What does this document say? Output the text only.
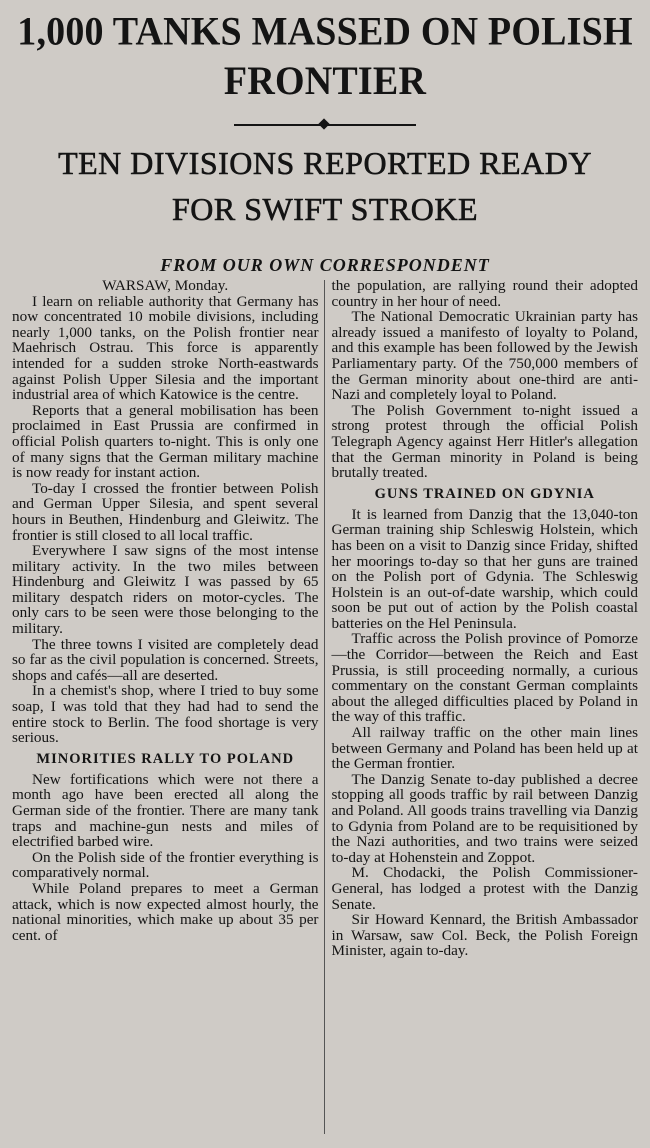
1,000 TANKS MASSED ON POLISH
FRONTIER
TEN DIVISIONS REPORTED READY
FOR SWIFT STROKE
FROM OUR OWN CORRESPONDENT

WARSAW, Monday.

I learn on reliable authority that Germany has now concentrated 10 mobile divisions, including nearly 1,000 tanks, on the Polish frontier near Maehrisch Ostrau. This force is apparently intended for a sudden stroke North-eastwards against Polish Upper Silesia and the important industrial area of which Katowice is the centre.

Reports that a general mobilisation has been proclaimed in East Prussia are confirmed in official Polish quarters to-night. This is only one of many signs that the German military machine is now ready for instant action.

To-day I crossed the frontier between Polish and German Upper Silesia, and spent several hours in Beuthen, Hindenburg and Gleiwitz. The frontier is still closed to all local traffic.

Everywhere I saw signs of the most intense military activity. In the two miles between Hindenburg and Gleiwitz I was passed by 65 military despatch riders on motor-cycles. The only cars to be seen were those belonging to the military.

The three towns I visited are completely dead so far as the civil population is concerned. Streets, shops and cafés—all are deserted.

In a chemist's shop, where I tried to buy some soap, I was told that they had had to send the entire stock to Berlin. The food shortage is very serious.

MINORITIES RALLY TO POLAND

New fortifications which were not there a month ago have been erected all along the German side of the frontier. There are many tank traps and machine-gun nests and miles of electrified barbed wire.

On the Polish side of the frontier everything is comparatively normal.

While Poland prepares to meet a German attack, which is now expected almost hourly, the national minorities, which make up about 35 per cent. of

the population, are rallying round their adopted country in her hour of need.

The National Democratic Ukrainian party has already issued a manifesto of loyalty to Poland, and this example has been followed by the Jewish Parliamentary party. Of the 750,000 members of the German minority about one-third are anti-Nazi and completely loyal to Poland.

The Polish Government to-night issued a strong protest through the official Polish Telegraph Agency against Herr Hitler's allegation that the German minority in Poland is being brutally treated.

GUNS TRAINED ON GDYNIA

It is learned from Danzig that the 13,040-ton German training ship Schleswig Holstein, which has been on a visit to Danzig since Friday, shifted her moorings to-day so that her guns are trained on the Polish port of Gdynia. The Schleswig Holstein is an out-of-date warship, which could soon be put out of action by the Polish coastal batteries on the Hel Peninsula.

Traffic across the Polish province of Pomorze—the Corridor—between the Reich and East Prussia, is still proceeding normally, a curious commentary on the constant German complaints about the alleged difficulties placed by Poland in the way of this traffic.

All railway traffic on the other main lines between Germany and Poland has been held up at the German frontier.

The Danzig Senate to-day published a decree stopping all goods traffic by rail between Danzig and Poland. All goods trains travelling via Danzig to Gdynia from Poland are to be requisitioned by the Nazi authorities, and two trains were seized to-day at Hohenstein and Zoppot.

M. Chodacki, the Polish Commissioner-General, has lodged a protest with the Danzig Senate.

Sir Howard Kennard, the British Ambassador in Warsaw, saw Col. Beck, the Polish Foreign Minister, again to-day.
